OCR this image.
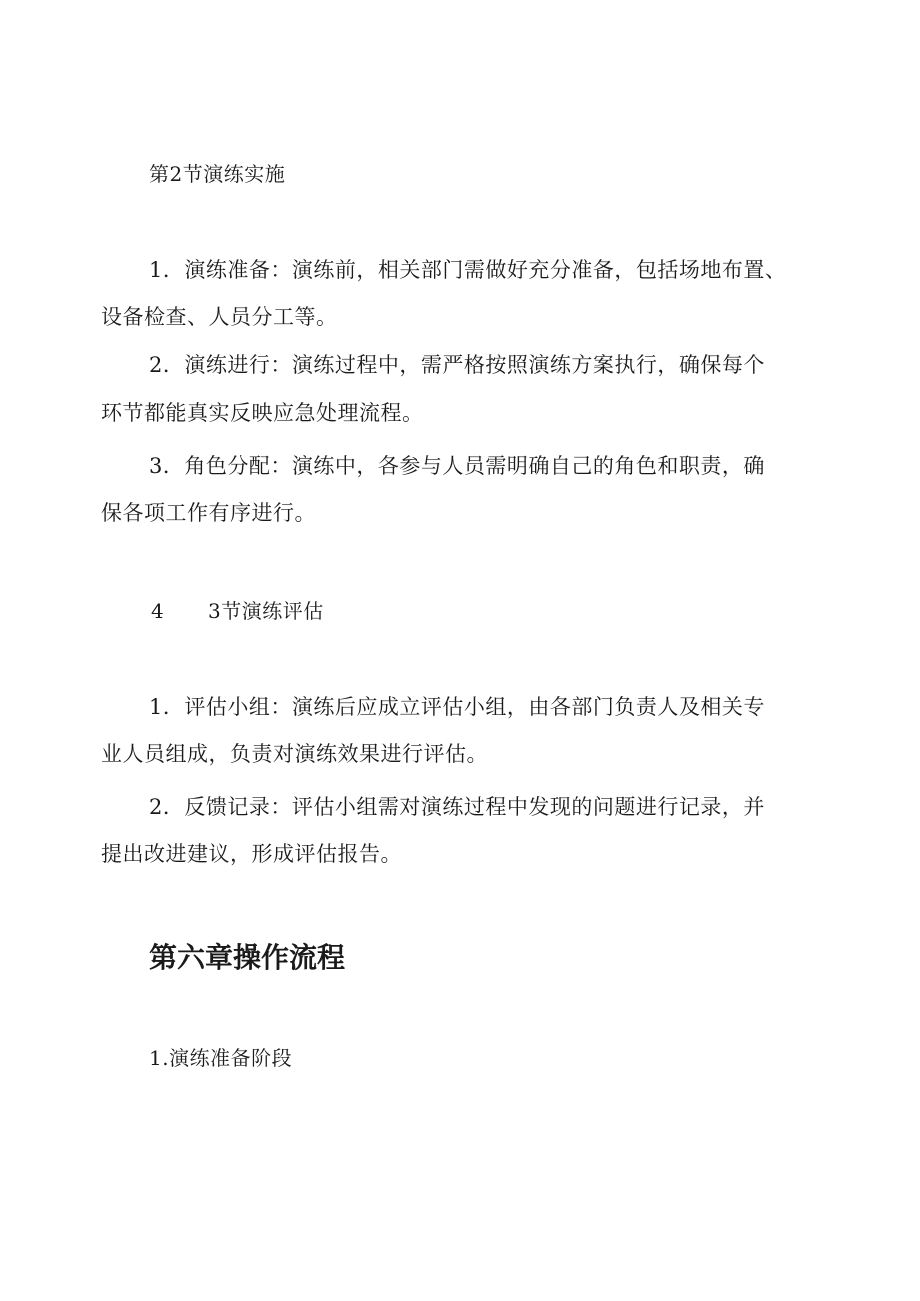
第2节演练实施
1．演练准备：演练前，相关部门需做好充分准备，包括场地布置、
设备检查、人员分工等。
2．演练进行：演练过程中，需严格按照演练方案执行，确保每个
环节都能真实反映应急处理流程。
3．角色分配：演练中，各参与人员需明确自己的角色和职责，确
保各项工作有序进行。
4 3节演练评估
1．评估小组：演练后应成立评估小组，由各部门负责人及相关专
业人员组成，负责对演练效果进行评估。
2．反馈记录：评估小组需对演练过程中发现的问题进行记录，并
提出改进建议，形成评估报告。
第六章操作流程
1.演练准备阶段
